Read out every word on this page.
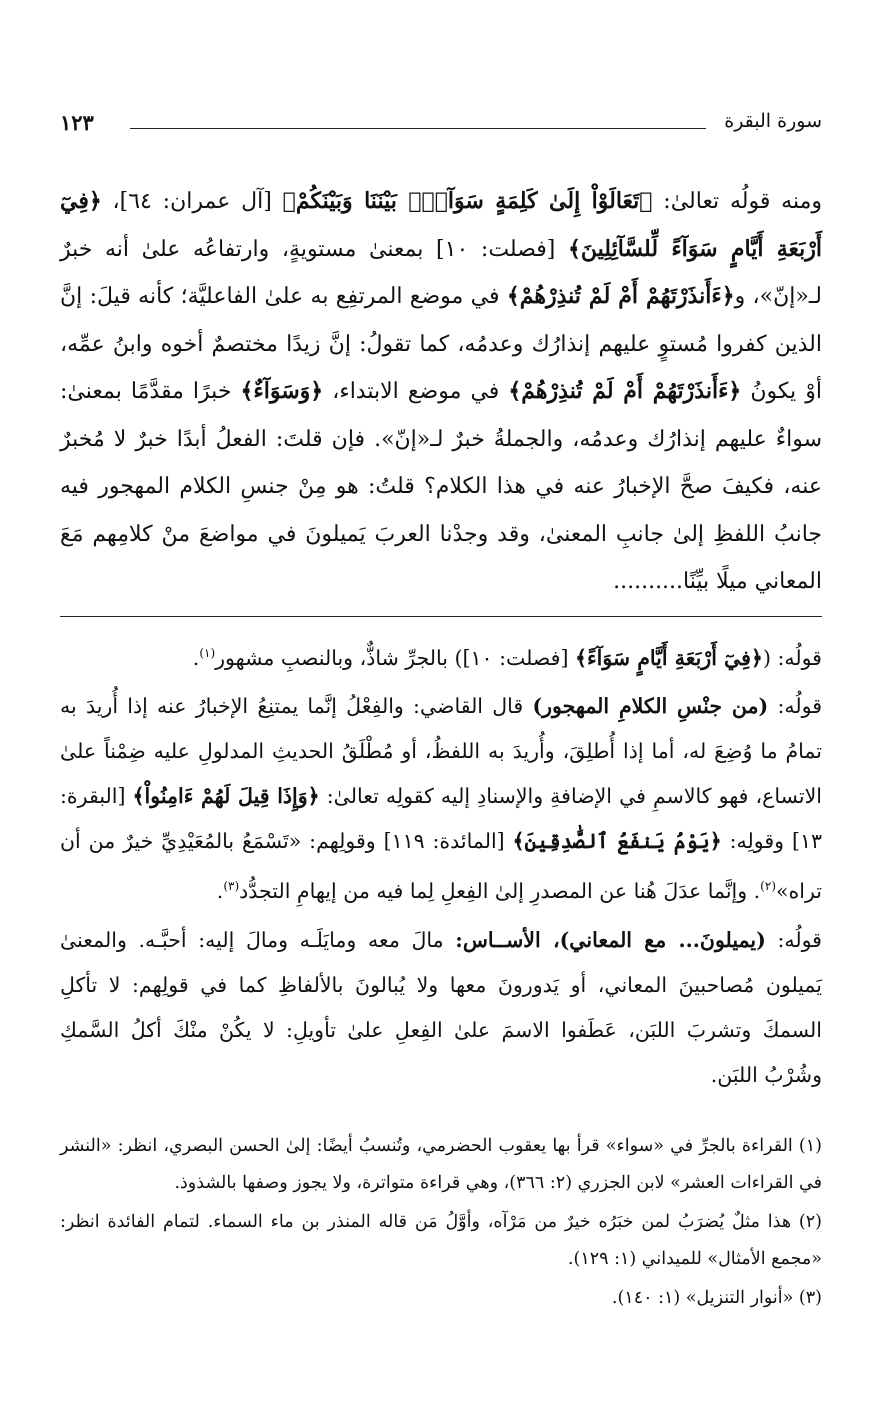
سورة البقرة
١٢٣

ومنه قولُه تعالىٰ: ﴿تَعَالَوْاْ إِلَىٰ كَلِمَةٍ سَوَآءِۭ بَيْنَنَا وَبَيْنَكُمْ﴾ [آل عمران: ٦٤]، ﴿فِيٓ أَرْبَعَةِ أَيَّامٍ سَوَآءً لِّلسَّآئِلِينَ﴾ [فصلت: ١٠] بمعنىٰ مستويةٍ، وارتفاعُه علىٰ أنه خبرٌ لـ«إنّ»، و﴿ءَأَنذَرْتَهُمْ أَمْ لَمْ تُنذِرْهُمْ﴾ في موضع المرتفِع به علىٰ الفاعليَّة؛ كأنه قيلَ: إنَّ الذين كفروا مُستوٍ عليهم إنذارُك وعدمُه، كما تقولُ: إنَّ زيدًا مختصمٌ أخوه وابنُ عمِّه، أوْ يكونُ ﴿ءَأَنذَرْتَهُمْ أَمْ لَمْ تُنذِرْهُمْ﴾ في موضع الابتداء، ﴿وَسَوَآءٌ﴾ خبرًا مقدَّمًا بمعنىٰ: سواءٌ عليهم إنذارُك وعدمُه، والجملةُ خبرٌ لـ«إنّ». فإن قلتَ: الفعلُ أبدًا خبرٌ لا مُخبرٌ عنه، فكيفَ صحَّ الإخبارُ عنه في هذا الكلام؟ قلتُ: هو مِنْ جنسِ الكلام المهجور فيه جانبُ اللفظِ إلىٰ جانبِ المعنىٰ، وقد وجدْنا العربَ يَميلونَ في مواضعَ منْ كلامِهم مَعَ المعاني ميلًا بيِّنًا..........

قولُه: (﴿فِيٓ أَرْبَعَةِ أَيَّامٍ سَوَآءً﴾ [فصلت: ١٠]) بالجرِّ شاذٌّ، وبالنصبِ مشهور$^{(١)}$.

قولُه: (من جنْسِ الكلامِ المهجور) قال القاضي: والفِعْلُ إنَّما يمتنِعُ الإخبارُ عنه إذا أُريدَ به تمامُ ما وُضِعَ له، أما إذا أُطلِقَ، وأُريدَ به اللفظُ، أو مُطْلَقُ الحديثِ المدلولِ عليه ضِمْناً علىٰ الاتساع، فهو كالاسمِ في الإضافةِ والإسنادِ إليه كقولِه تعالىٰ: ﴿وَإِذَا قِيلَ لَهُمْ ءَامِنُواْ﴾ [البقرة: ١٣] وقولِه: ﴿يَوْمُ يَنفَعُ ٱلصَّٰدِقِينَ﴾ [المائدة: ١١٩] وقولِهم: «تَسْمَعُ بالمُعَيْدِيِّ خيرٌ من أن تراه»$^{(٢)}$. وإنَّما عدَلَ هُنا عن المصدرِ إلىٰ الفِعلِ لِما فيه من إيهامِ التجدُّد$^{(٣)}$.

قولُه: (يميلونَ... مع المعاني)، الأســاس: مالَ معه ومايَلَـه ومالَ إليه: أحبَّـه. والمعنىٰ يَميلون مُصاحبينَ المعاني، أو يَدورونَ معها ولا يُبالونَ بالألفاظِ كما في قولِهم: لا تأكلِ السمكَ وتشربَ اللبَن، عَطَفوا الاسمَ علىٰ الفِعلِ علىٰ تأويلِ: لا يكُنْ منْكَ أكلُ السَّمكِ وشُرْبُ اللبَن.

(١) القراءة بالجرِّ في «سواء» قرأ بها يعقوب الحضرمي، وتُنسبُ أيضًا: إلىٰ الحسن البصري، انظر: «النشر في القراءات العشر» لابن الجزري (٢: ٣٦٦)، وهي قراءة متواترة، ولا يجوز وصفها بالشذوذ.

(٢) هذا مثلٌ يُضرَبُ لمن خبَرُه خيرٌ من مَرْآه، وأوَّلُ مَن قاله المنذر بن ماء السماء. لتمام الفائدة انظر: «مجمع الأمثال» للميداني (١: ١٢٩).

(٣) «أنوار التنزيل» (١: ١٤٠).
